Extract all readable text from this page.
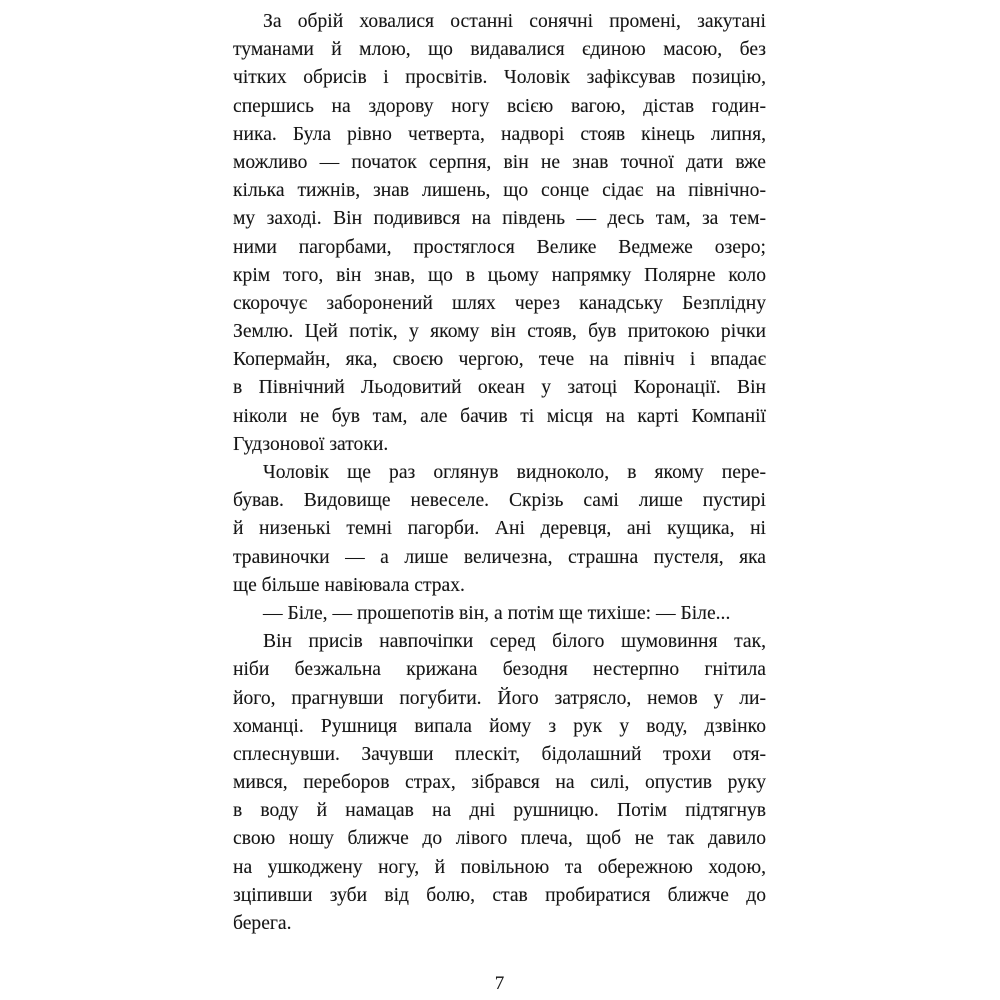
За обрій ховалися останні сонячні промені, закутані
туманами й млою, що видавалися єдиною масою, без
чітких обрисів і просвітів. Чоловік зафіксував позицію,
спершись на здорову ногу всією вагою, дістав годин-
ника. Була рівно четверта, надворі стояв кінець липня,
можливо — початок серпня, він не знав точної дати вже
кілька тижнів, знав лишень, що сонце сідає на північно-
му заході. Він подивився на південь — десь там, за тем-
ними пагорбами, простяглося Велике Ведмеже озеро;
крім того, він знав, що в цьому напрямку Полярне коло
скорочує заборонений шлях через канадську Безплідну
Землю. Цей потік, у якому він стояв, був притокою річки
Копермайн, яка, своєю чергою, тече на північ і впадає
в Північний Льодовитий океан у затоці Коронації. Він
ніколи не був там, але бачив ті місця на карті Компанії
Гудзонової затоки.

Чоловік ще раз оглянув видноколо, в якому пере-
бував. Видовище невеселе. Скрізь самі лише пустирі
й низенькі темні пагорби. Ані деревця, ані кущика, ні
травиночки — а лише величезна, страшна пустеля, яка
ще більше навіювала страх.

— Біле, — прошепотів він, а потім ще тихіше: — Біле...

Він присів навпочіпки серед білого шумовиння так,
ніби безжальна крижана безодня нестерпно гнітила
його, прагнувши погубити. Його затрясло, немов у ли-
хоманці. Рушниця випала йому з рук у воду, дзвінко
сплеснувши. Зачувши плескіт, бідолашний трохи отя-
мився, переборов страх, зібрався на силі, опустив руку
в воду й намацав на дні рушницю. Потім підтягнув
свою ношу ближче до лівого плеча, щоб не так давило
на ушкоджену ногу, й повільною та обережною ходою,
зціпивши зуби від болю, став пробиратися ближче до
берега.

7
